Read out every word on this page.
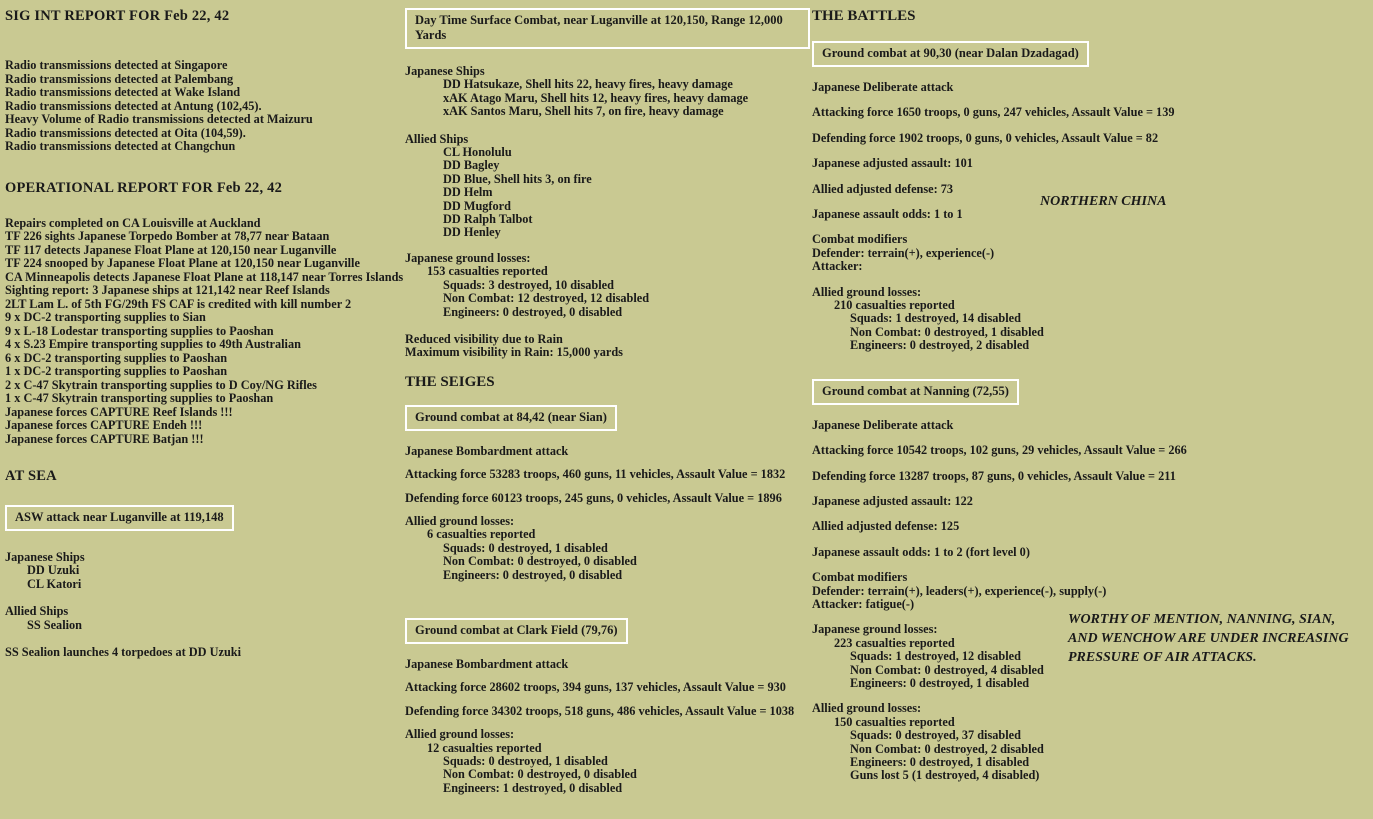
SIG INT REPORT FOR Feb 22, 42
Radio transmissions detected at Singapore
Radio transmissions detected at Palembang
Radio transmissions detected at Wake Island
Radio transmissions detected at Antung (102,45).
Heavy Volume of Radio transmissions detected at Maizuru
Radio transmissions detected at Oita (104,59).
Radio transmissions detected at Changchun
OPERATIONAL REPORT FOR Feb 22, 42
Repairs completed on CA Louisville at Auckland
TF 226 sights Japanese Torpedo Bomber at 78,77 near Bataan
TF 117 detects Japanese Float Plane at 120,150 near Luganville
TF 224 snooped by Japanese Float Plane at 120,150 near Luganville
CA Minneapolis detects Japanese Float Plane at 118,147 near Torres Islands
Sighting report: 3 Japanese ships at 121,142 near Reef Islands
2LT Lam L. of 5th FG/29th FS CAF is credited with kill number 2
9 x DC-2 transporting supplies to Sian
9 x L-18 Lodestar transporting supplies to Paoshan
4 x S.23 Empire transporting supplies to 49th Australian
6 x DC-2 transporting supplies to Paoshan
1 x DC-2 transporting supplies to Paoshan
2 x C-47 Skytrain transporting supplies to D Coy/NG Rifles
1 x C-47 Skytrain transporting supplies to Paoshan
Japanese forces CAPTURE Reef Islands !!!
Japanese forces CAPTURE Endeh !!!
Japanese forces CAPTURE Batjan !!!
AT SEA
ASW attack near Luganville at 119,148
Japanese Ships
DD Uzuki
CL Katori
Allied Ships
SS Sealion
SS Sealion launches 4 torpedoes at DD Uzuki
Day Time Surface Combat, near Luganville at 120,150, Range 12,000 Yards
Japanese Ships
DD Hatsukaze, Shell hits 22, heavy fires, heavy damage
xAK Atago Maru, Shell hits 12, heavy fires, heavy damage
xAK Santos Maru, Shell hits 7, on fire, heavy damage
Allied Ships
CL Honolulu
DD Bagley
DD Blue, Shell hits 3, on fire
DD Helm
DD Mugford
DD Ralph Talbot
DD Henley
Japanese ground losses:
153 casualties reported
Squads: 3 destroyed, 10 disabled
Non Combat: 12 destroyed, 12 disabled
Engineers: 0 destroyed, 0 disabled
Reduced visibility due to Rain
Maximum visibility in Rain: 15,000 yards
THE SEIGES
Ground combat at 84,42 (near Sian)
Japanese Bombardment attack
Attacking force 53283 troops, 460 guns, 11 vehicles, Assault Value = 1832
Defending force 60123 troops, 245 guns, 0 vehicles, Assault Value = 1896
Allied ground losses:
6 casualties reported
Squads: 0 destroyed, 1 disabled
Non Combat: 0 destroyed, 0 disabled
Engineers: 0 destroyed, 0 disabled
Ground combat at Clark Field (79,76)
Japanese Bombardment attack
Attacking force 28602 troops, 394 guns, 137 vehicles, Assault Value = 930
Defending force 34302 troops, 518 guns, 486 vehicles, Assault Value = 1038
Allied ground losses:
12 casualties reported
Squads: 0 destroyed, 1 disabled
Non Combat: 0 destroyed, 0 disabled
Engineers: 1 destroyed, 0 disabled
THE BATTLES
Ground combat at 90,30 (near Dalan Dzadagad)
Japanese Deliberate attack
Attacking force 1650 troops, 0 guns, 247 vehicles, Assault Value = 139
Defending force 1902 troops, 0 guns, 0 vehicles, Assault Value = 82
Japanese adjusted assault: 101
Allied adjusted defense: 73
Japanese assault odds: 1 to 1
Combat modifiers
Defender: terrain(+), experience(-)
Attacker:
Allied ground losses:
210 casualties reported
Squads: 1 destroyed, 14 disabled
Non Combat: 0 destroyed, 1 disabled
Engineers: 0 destroyed, 2 disabled
Ground combat at Nanning (72,55)
Japanese Deliberate attack
Attacking force 10542 troops, 102 guns, 29 vehicles, Assault Value = 266
Defending force 13287 troops, 87 guns, 0 vehicles, Assault Value = 211
Japanese adjusted assault: 122
Allied adjusted defense: 125
Japanese assault odds: 1 to 2 (fort level 0)
Combat modifiers
Defender: terrain(+), leaders(+), experience(-), supply(-)
Attacker: fatigue(-)
Japanese ground losses:
223 casualties reported
Squads: 1 destroyed, 12 disabled
Non Combat: 0 destroyed, 4 disabled
Engineers: 0 destroyed, 1 disabled
Allied ground losses:
150 casualties reported
Squads: 0 destroyed, 37 disabled
Non Combat: 0 destroyed, 2 disabled
Engineers: 0 destroyed, 1 disabled
Guns lost 5 (1 destroyed, 4 disabled)
NORTHERN CHINA
WORTHY OF MENTION, NANNING, SIAN, AND WENCHOW ARE UNDER INCREASING PRESSURE OF AIR ATTACKS.
